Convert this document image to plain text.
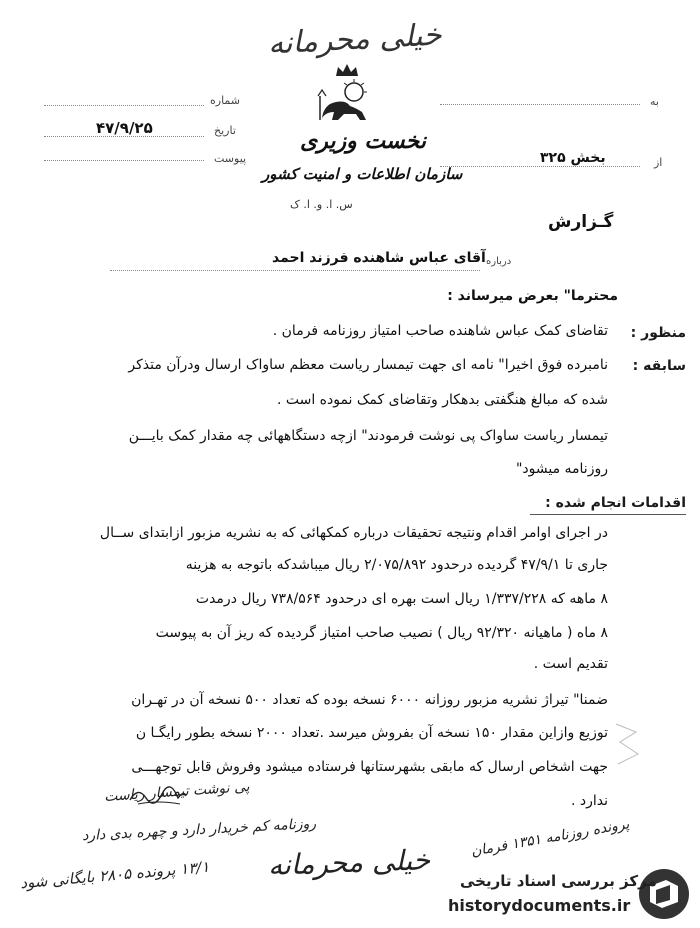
خیلی محرمانه
نخست وزیری
سازمان اطلاعات و امنیت کشور
س. ا. و. ا. ک
شماره
۴۷/۹/۲۵	تاریخ
پیوست
به
بخش ۳۲۵	از
گـزارش
درباره
آقای عباس شاهنده فرزند احمد
محترما" بعرض میرساند :
منظور :
تقاضای کمک عباس شاهنده صاحب امتیاز روزنامه فرمان .
سابقه :
نامبرده فوق اخیرا" نامه ای جهت تیمسار ریاست معظم ساواک ارسال ودرآن متذکر
شده که مبالغ هنگفتی بدهکار وتقاضای کمک نموده است .
تیمسار ریاست ساواک پی نوشت فرمودند" ازچه دستگاههائی چه مقدار کمک بایـــن
روزنامه میشود"
اقدامات انجام شده :
در اجرای اوامر اقدام ونتیجه تحقیقات درباره کمکهائی که به نشریه مزبور ازابتدای ســال
جاری تا ۴۷/۹/۱ گردیده درحدود ۲/۰۷۵/۸۹۲ ریال میباشدکه باتوجه به هزینه
۸ ماهه که ۱/۳۳۷/۲۲۸ ریال است بهره ای درحدود ۷۳۸/۵۶۴ ریال درمدت
۸ ماه ( ماهیانه ۹۲/۳۲۰ ریال ) نصیب صاحب امتیاز گردیده که ریز آن به پیوست
تقدیم است .
ضمنا" تیراژ نشریه مزبور روزانه ۶۰۰۰ نسخه بوده که تعداد ۵۰۰ نسخه آن در تهـران
توزیع وازاین مقدار ۱۵۰ نسخه آن بفروش میرسد .تعداد ۲۰۰۰ نسخه بطور رایگـا ن
جهت اشخاص ارسال که مابقی بشهرستانها فرستاده میشود وفروش قابل توجهـــی
ندارد .
پی نوشت تیمسار ریاست
روزنامه کم خریدار دارد و چهره بدی دارد
۱۳/۱ پرونده ۲۸۰۵ بایگانی شود خیلی محرمانه	پرونده روزنامه ۱۳۵۱ فرمان
مرکز بررسی اسناد تاریخی
historydocuments.ir
